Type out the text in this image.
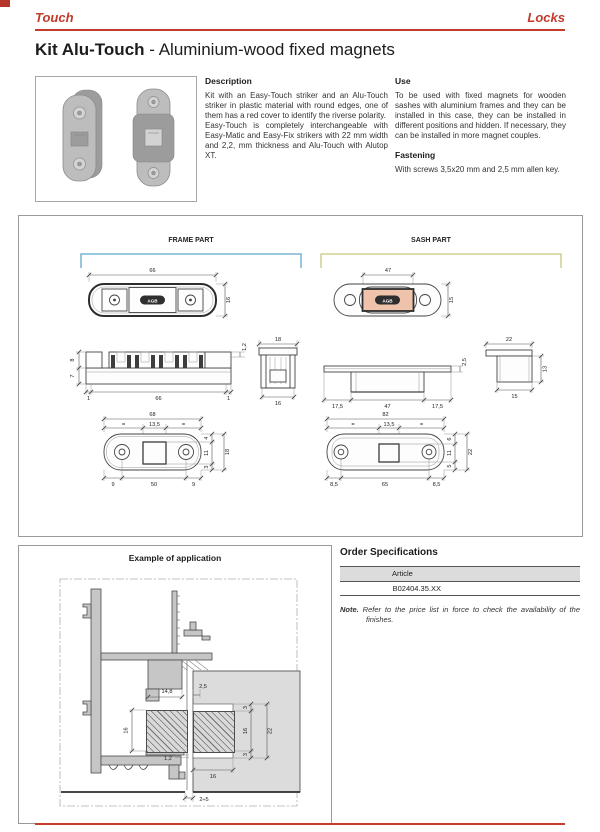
Touch	Locks
Kit Alu-Touch - Aluminium-wood fixed magnets

Description

Kit with an Easy-Touch striker and an Alu-Touch striker in plastic material with round edges, one of them has a red cover to identify the riverse polarity.

Easy-Touch is completely interchangeable with Easy-Matic and Easy-Fix strikers with 22 mm width and 2,2, mm thickness and Alu-Touch with Alutop XT.

Use

To be used with fixed magnets for wooden sashes with aluminium frames and they can be installed in this case, they can be installed in different positions and hidden. If necessary, they can be installed in more magnet couples.

Fastening

With screws 3,5x20 mm and 2,5 mm allen key.

FRAME PART	SASH PART
66
AGB	16
47
AGB	15
8
7
1,2
1	66	1
18
16
2,5
17,5	47	17,5
22
13
15
68
=	13,5	=
4
11
3
18
9	50	9
82
=	13,5	=
6
11
5
22
8,5	65	8,5
14,8
2,5
16
1,2
16
3
16
3
22
2÷5
Example of application	Order Specifications

Article
B02404.35.XX

Note. Refer to the price list in force to check the availability of the finishes.
